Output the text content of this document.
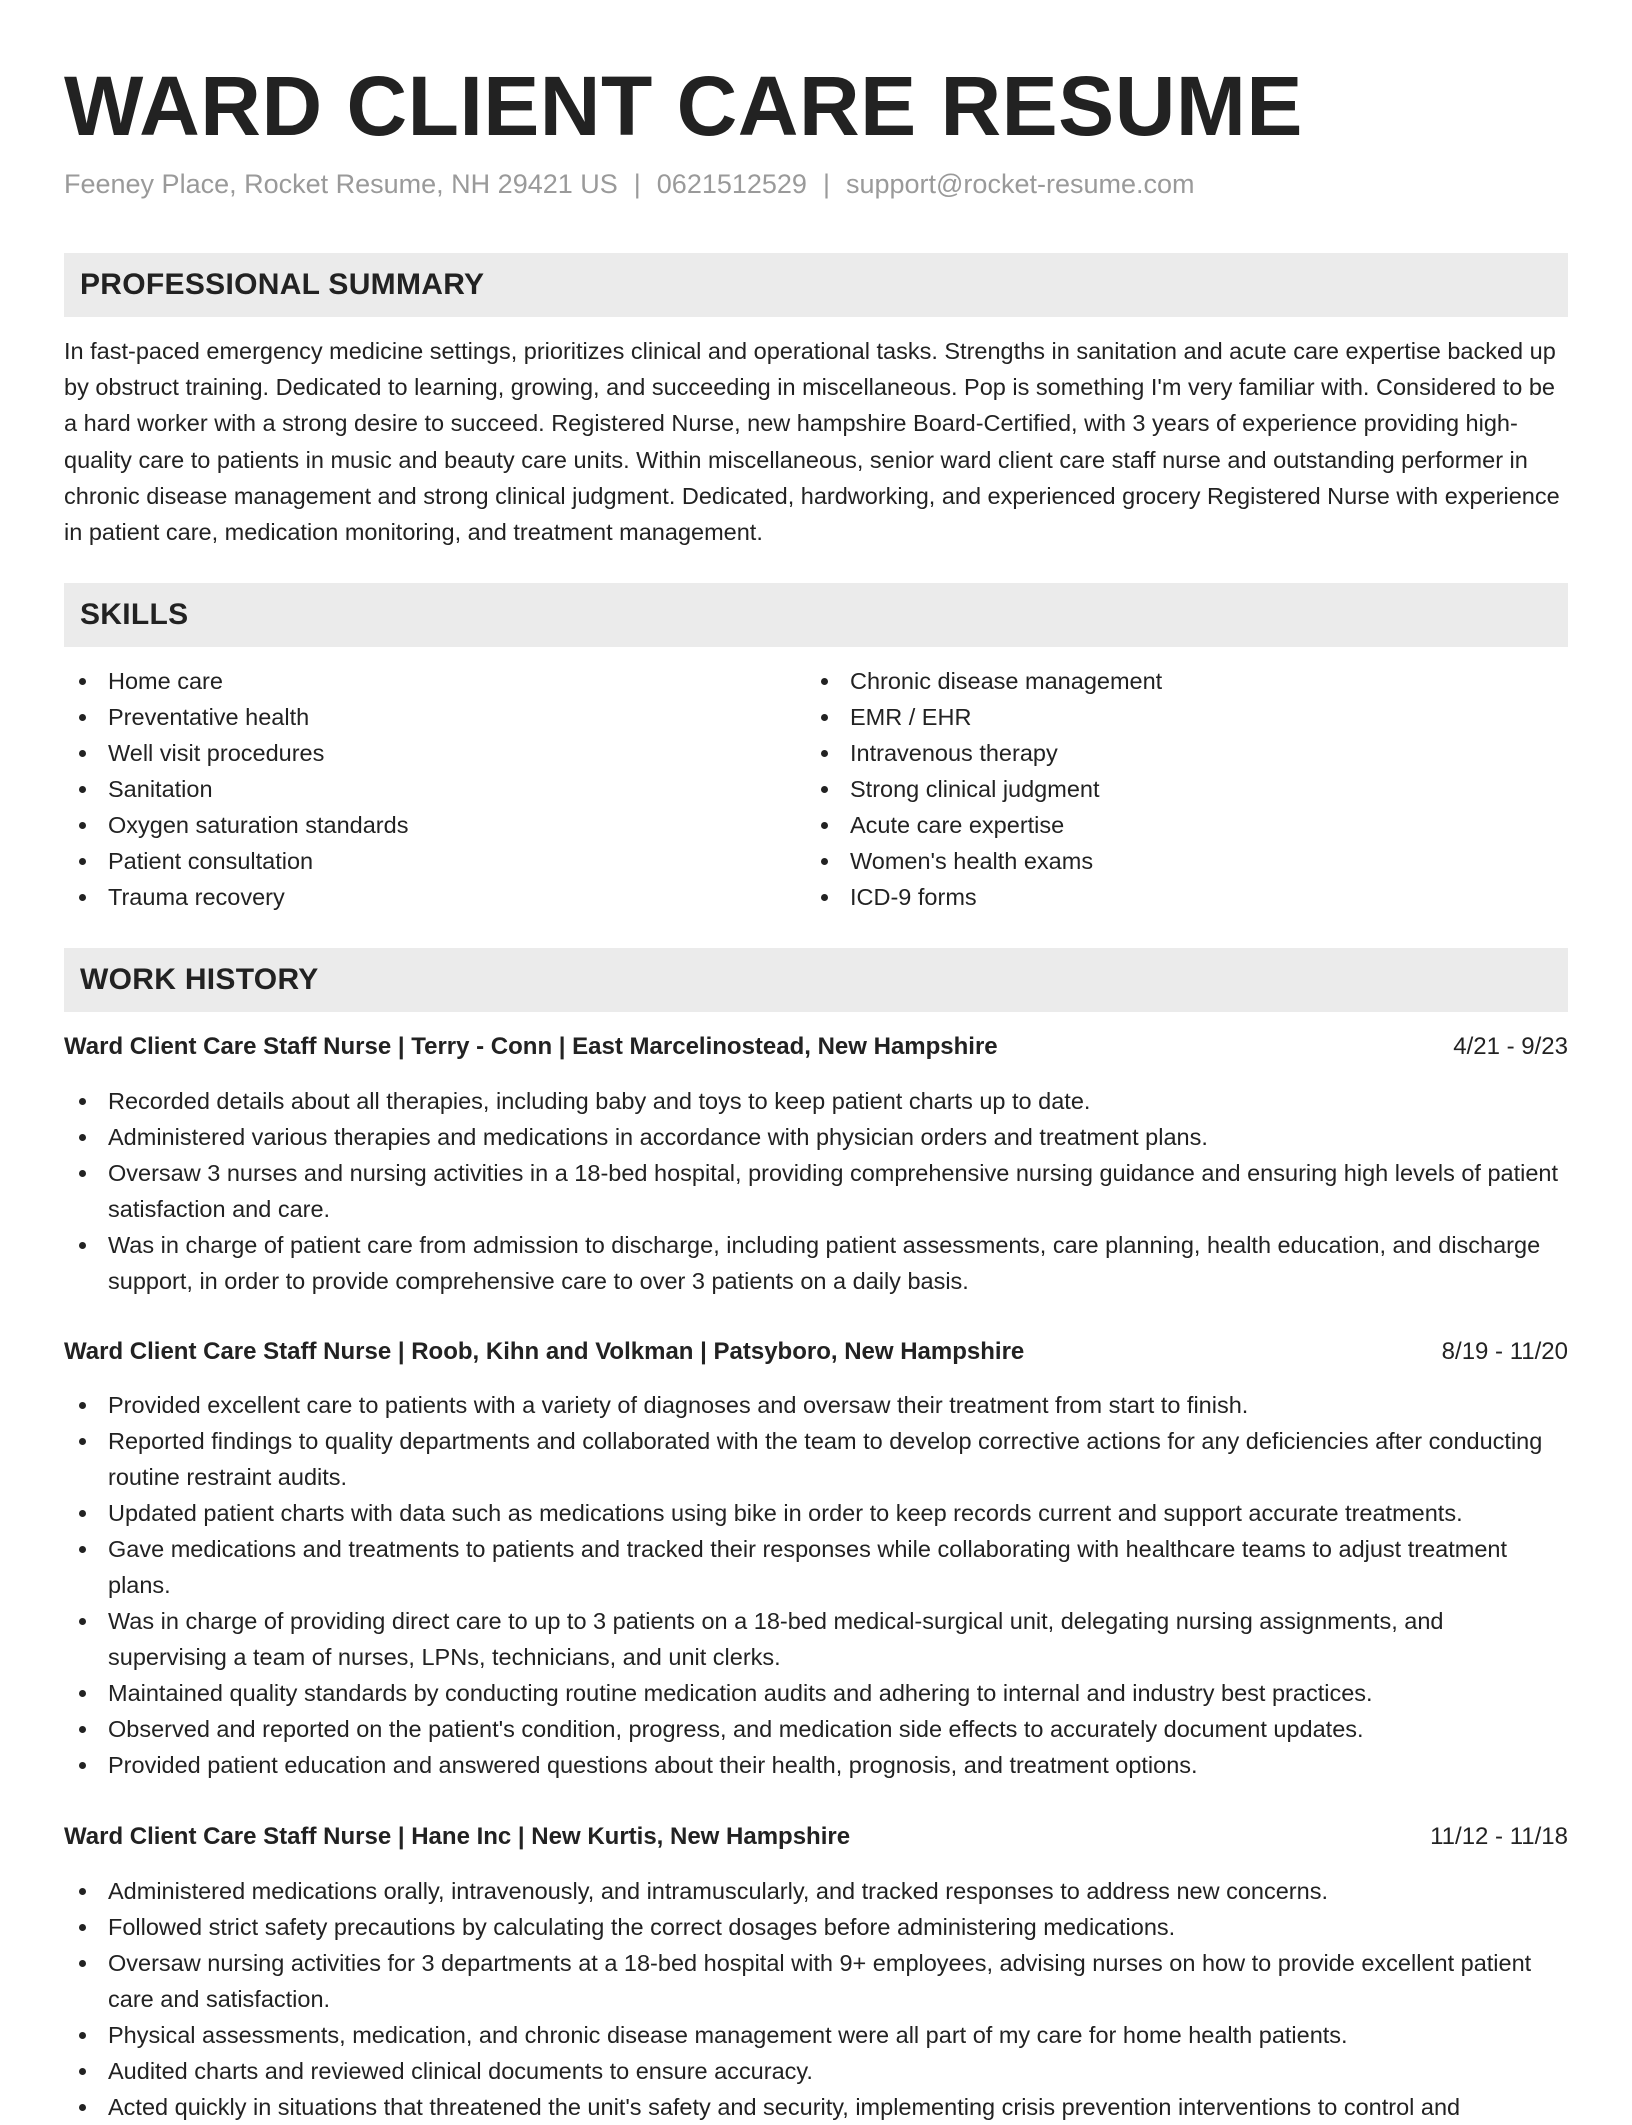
WARD CLIENT CARE RESUME
Feeney Place, Rocket Resume, NH 29421 US | 0621512529 | support@rocket-resume.com
PROFESSIONAL SUMMARY

In fast-paced emergency medicine settings, prioritizes clinical and operational tasks. Strengths in sanitation and acute care expertise backed up by obstruct training. Dedicated to learning, growing, and succeeding in miscellaneous. Pop is something I'm very familiar with. Considered to be a hard worker with a strong desire to succeed. Registered Nurse, new hampshire Board-Certified, with 3 years of experience providing high-quality care to patients in music and beauty care units. Within miscellaneous, senior ward client care staff nurse and outstanding performer in chronic disease management and strong clinical judgment. Dedicated, hardworking, and experienced grocery Registered Nurse with experience in patient care, medication monitoring, and treatment management.

SKILLS
Home care
Preventative health
Well visit procedures
Sanitation
Oxygen saturation standards
Patient consultation
Trauma recovery
Chronic disease management
EMR / EHR
Intravenous therapy
Strong clinical judgment
Acute care expertise
Women's health exams
ICD-9 forms
WORK HISTORY
Ward Client Care Staff Nurse | Terry - Conn | East Marcelinostead, New Hampshire	4/21 - 9/23
Recorded details about all therapies, including baby and toys to keep patient charts up to date.
Administered various therapies and medications in accordance with physician orders and treatment plans.
Oversaw 3 nurses and nursing activities in a 18-bed hospital, providing comprehensive nursing guidance and ensuring high levels of patient satisfaction and care.
Was in charge of patient care from admission to discharge, including patient assessments, care planning, health education, and discharge support, in order to provide comprehensive care to over 3 patients on a daily basis.
Ward Client Care Staff Nurse | Roob, Kihn and Volkman | Patsyboro, New Hampshire	8/19 - 11/20
Provided excellent care to patients with a variety of diagnoses and oversaw their treatment from start to finish.
Reported findings to quality departments and collaborated with the team to develop corrective actions for any deficiencies after conducting routine restraint audits.
Updated patient charts with data such as medications using bike in order to keep records current and support accurate treatments.
Gave medications and treatments to patients and tracked their responses while collaborating with healthcare teams to adjust treatment plans.
Was in charge of providing direct care to up to 3 patients on a 18-bed medical-surgical unit, delegating nursing assignments, and supervising a team of nurses, LPNs, technicians, and unit clerks.
Maintained quality standards by conducting routine medication audits and adhering to internal and industry best practices.
Observed and reported on the patient's condition, progress, and medication side effects to accurately document updates.
Provided patient education and answered questions about their health, prognosis, and treatment options.
Ward Client Care Staff Nurse | Hane Inc | New Kurtis, New Hampshire	11/12 - 11/18
Administered medications orally, intravenously, and intramuscularly, and tracked responses to address new concerns.
Followed strict safety precautions by calculating the correct dosages before administering medications.
Oversaw nursing activities for 3 departments at a 18-bed hospital with 9+ employees, advising nurses on how to provide excellent patient care and satisfaction.
Physical assessments, medication, and chronic disease management were all part of my care for home health patients.
Audited charts and reviewed clinical documents to ensure accuracy.
Acted quickly in situations that threatened the unit's safety and security, implementing crisis prevention interventions to control and
